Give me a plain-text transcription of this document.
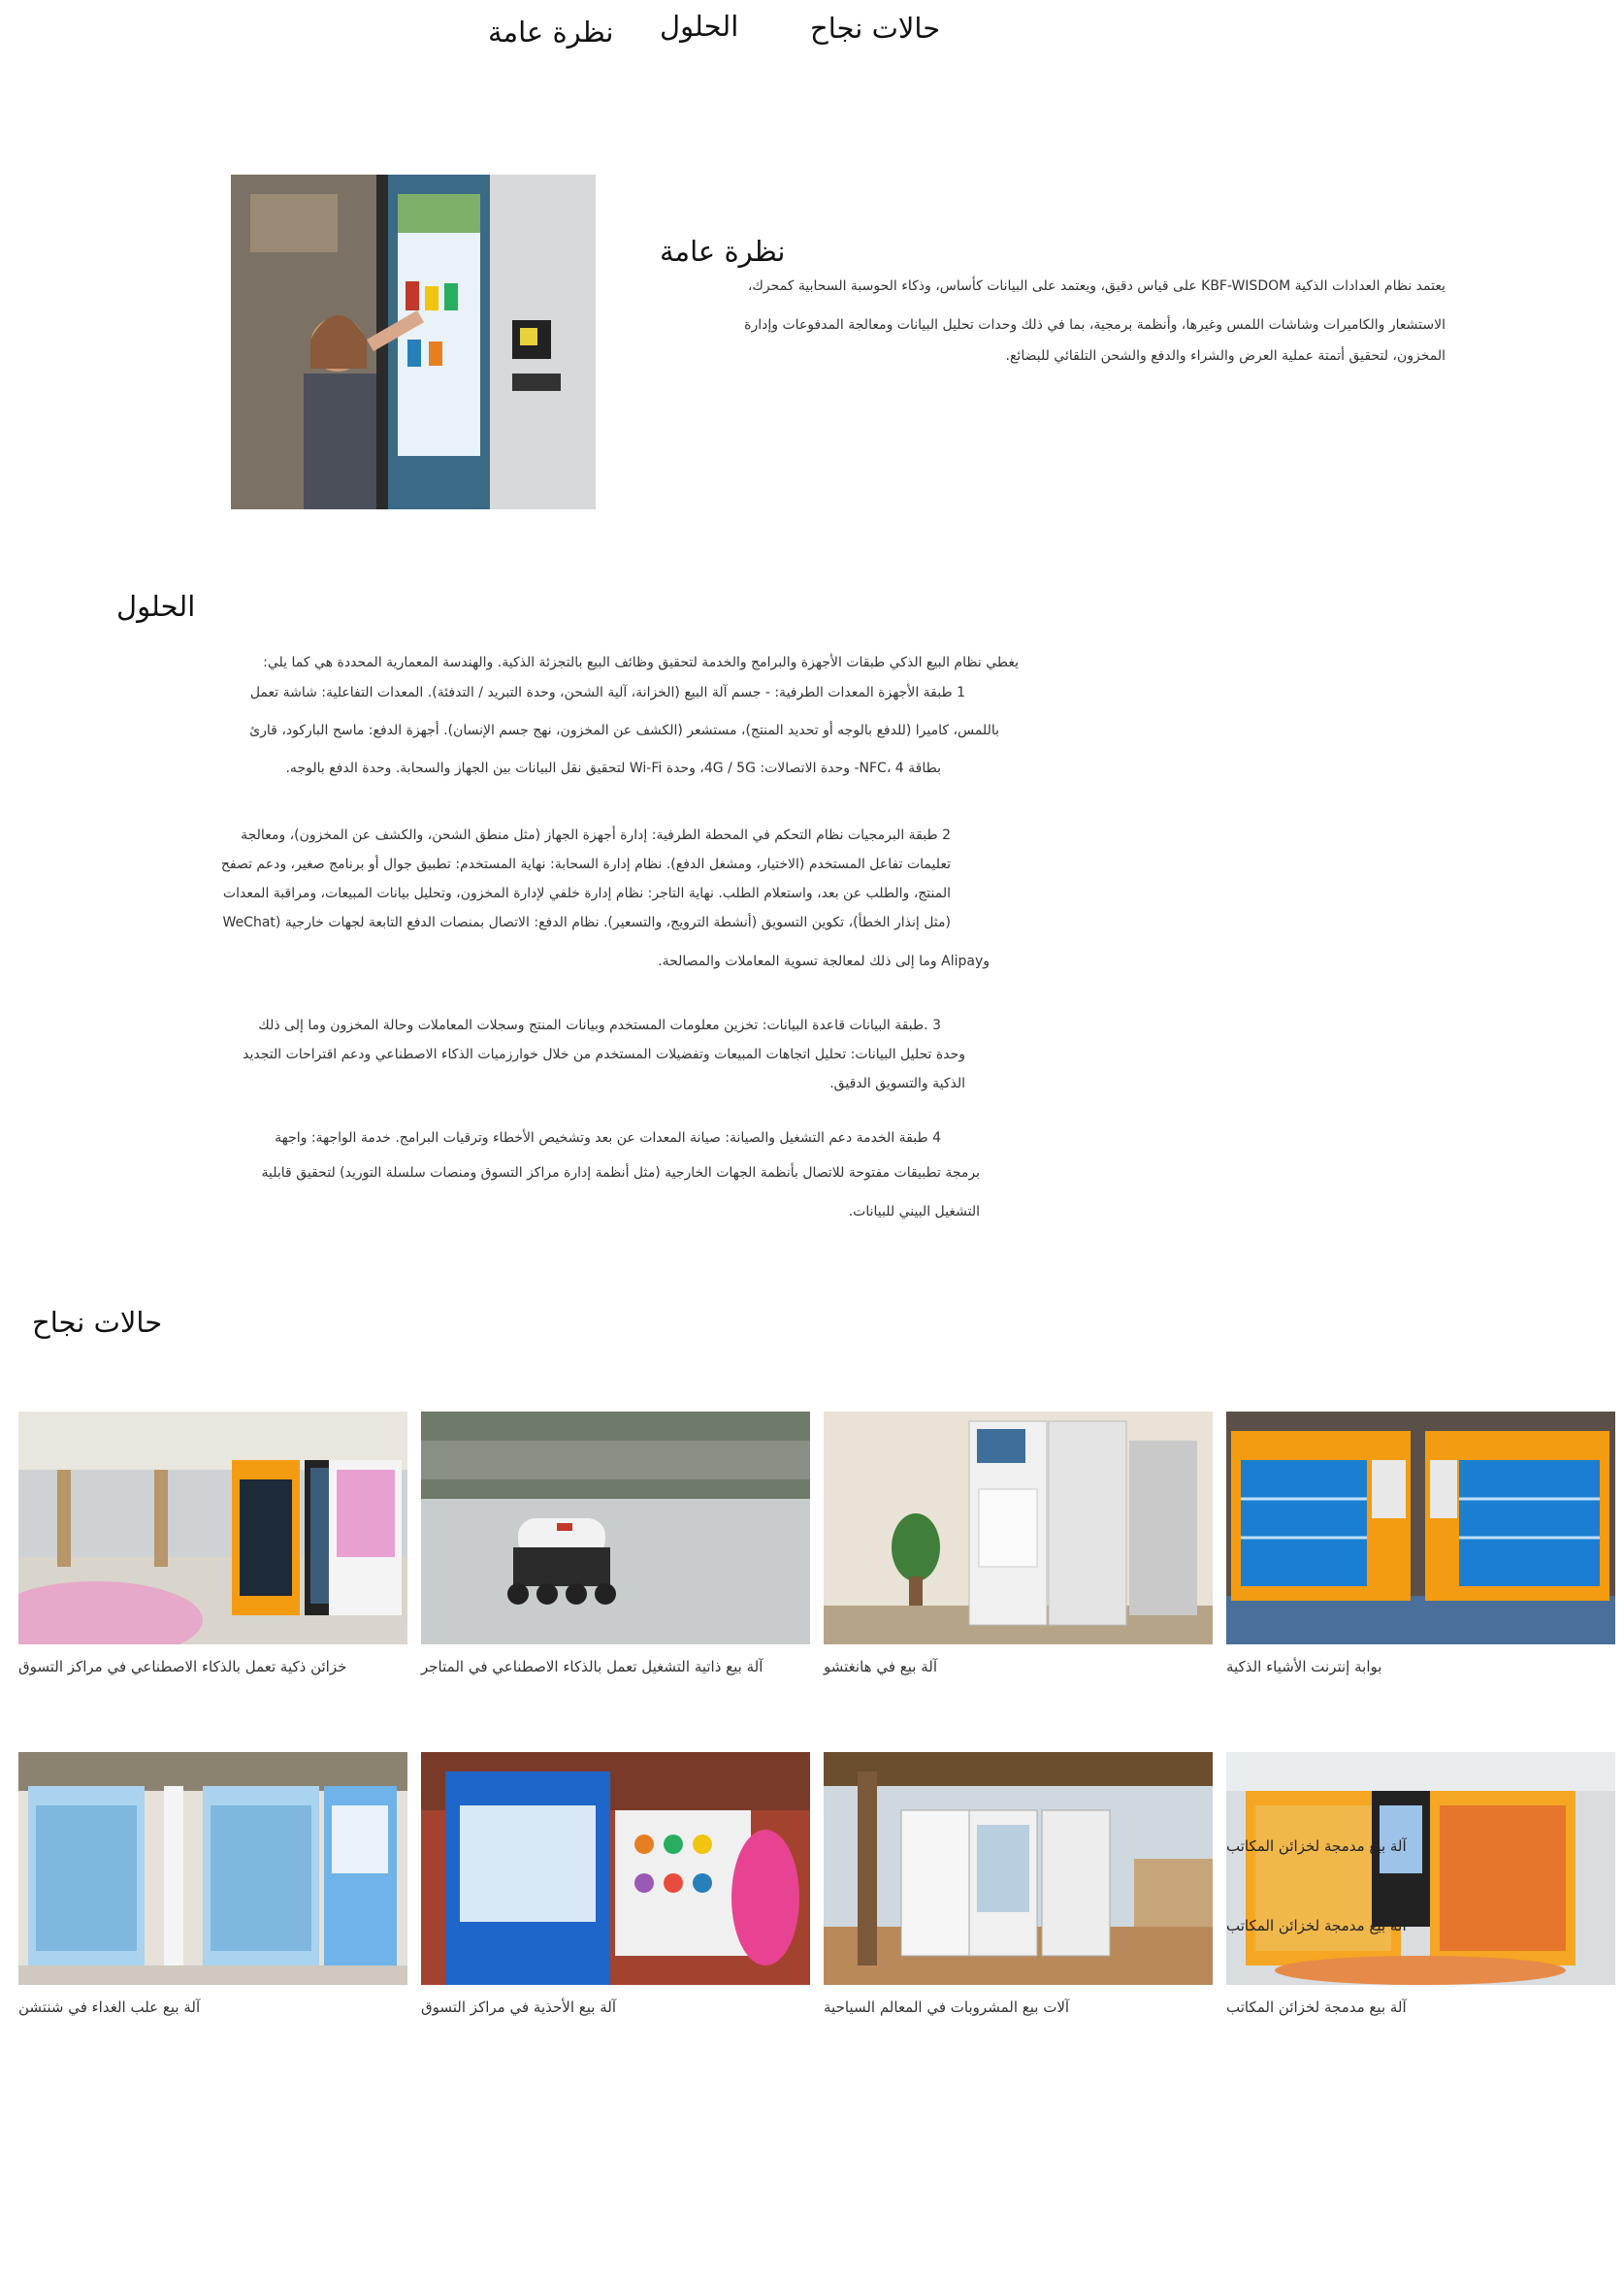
نظرة عامة الحلول	حالات نجاح
نظرة عامة
يعتمد نظام العدادات الذكية KBF-WISDOM على قياس دقيق، ويعتمد على البيانات كأساس، وذكاء الحوسبة السحابية كمحرك،
الاستشعار والكاميرات وشاشات اللمس وغيرها، وأنظمة برمجية، بما في ذلك وحدات تحليل البيانات ومعالجة المدفوعات وإدارة
المخزون، لتحقيق أتمتة عملية العرض والشراء والدفع والشحن التلقائي للبضائع.
الحلول
يغطي نظام البيع الذكي طبقات الأجهزة والبرامج والخدمة لتحقيق وظائف البيع بالتجزئة الذكية. والهندسة المعمارية المحددة هي كما يلي:
1 طبقة الأجهزة المعدات الطرفية: - جسم آلة البيع (الخزانة، آلية الشحن، وحدة التبريد / التدفئة). المعدات التفاعلية: شاشة تعمل
باللمس، كاميرا (للدفع بالوجه أو تحديد المنتج)، مستشعر (الكشف عن المخزون، نهج جسم الإنسان). أجهزة الدفع: ماسح الباركود، قارئ
بطاقة NFC، 4- وحدة الاتصالات: 4G / 5G، وحدة Wi-Fi لتحقيق نقل البيانات بين الجهاز والسحابة. وحدة الدفع بالوجه.
2 طبقة البرمجيات نظام التحكم في المحطة الطرفية: إدارة أجهزة الجهاز (مثل منطق الشحن، والكشف عن المخزون)، ومعالجة
تعليمات تفاعل المستخدم (الاختيار، ومشغل الدفع). نظام إدارة السحابة: نهاية المستخدم: تطبيق جوال أو برنامج صغير، ودعم تصفح
المنتج، والطلب عن بعد، واستعلام الطلب. نهاية التاجر: نظام إدارة خلفي لإدارة المخزون، وتحليل بيانات المبيعات، ومراقبة المعدات
(مثل إنذار الخطأ)، تكوين التسويق (أنشطة الترويج، والتسعير). نظام الدفع: الاتصال بمنصات الدفع التابعة لجهات خارجية (WeChat
وAlipay وما إلى ذلك لمعالجة تسوية المعاملات والمصالحة.
3 .طبقة البيانات قاعدة البيانات: تخزين معلومات المستخدم وبيانات المنتج وسجلات المعاملات وحالة المخزون وما إلى ذلك
وحدة تحليل البيانات: تحليل اتجاهات المبيعات وتفضيلات المستخدم من خلال خوارزميات الذكاء الاصطناعي ودعم اقتراحات التجديد
الذكية والتسويق الدقيق.
4 طبقة الخدمة دعم التشغيل والصيانة: صيانة المعدات عن بعد وتشخيص الأخطاء وترقيات البرامج. خدمة الواجهة: واجهة
برمجة تطبيقات مفتوحة للاتصال بأنظمة الجهات الخارجية (مثل أنظمة إدارة مراكز التسوق ومنصات سلسلة التوريد) لتحقيق قابلية
التشغيل البيني للبيانات.
حالات نجاح
خزائن ذكية تعمل بالذكاء الاصطناعي في مراكز التسوق	آلة بيع ذاتية التشغيل تعمل بالذكاء الاصطناعي في المتاجر	آلة بيع في هانغتشو	بوابة إنترنت الأشياء الذكية
آلة بيع علب الغداء في شنتشن	آلة بيع الأحذية في مراكز التسوق	آلات بيع المشروبات في المعالم السياحية	آلة بيع مدمجة لخزائن المكاتب
آلة بيع مدمجة لخزائن المكاتب
آلة بيع مدمجة لخزائن المكاتب
